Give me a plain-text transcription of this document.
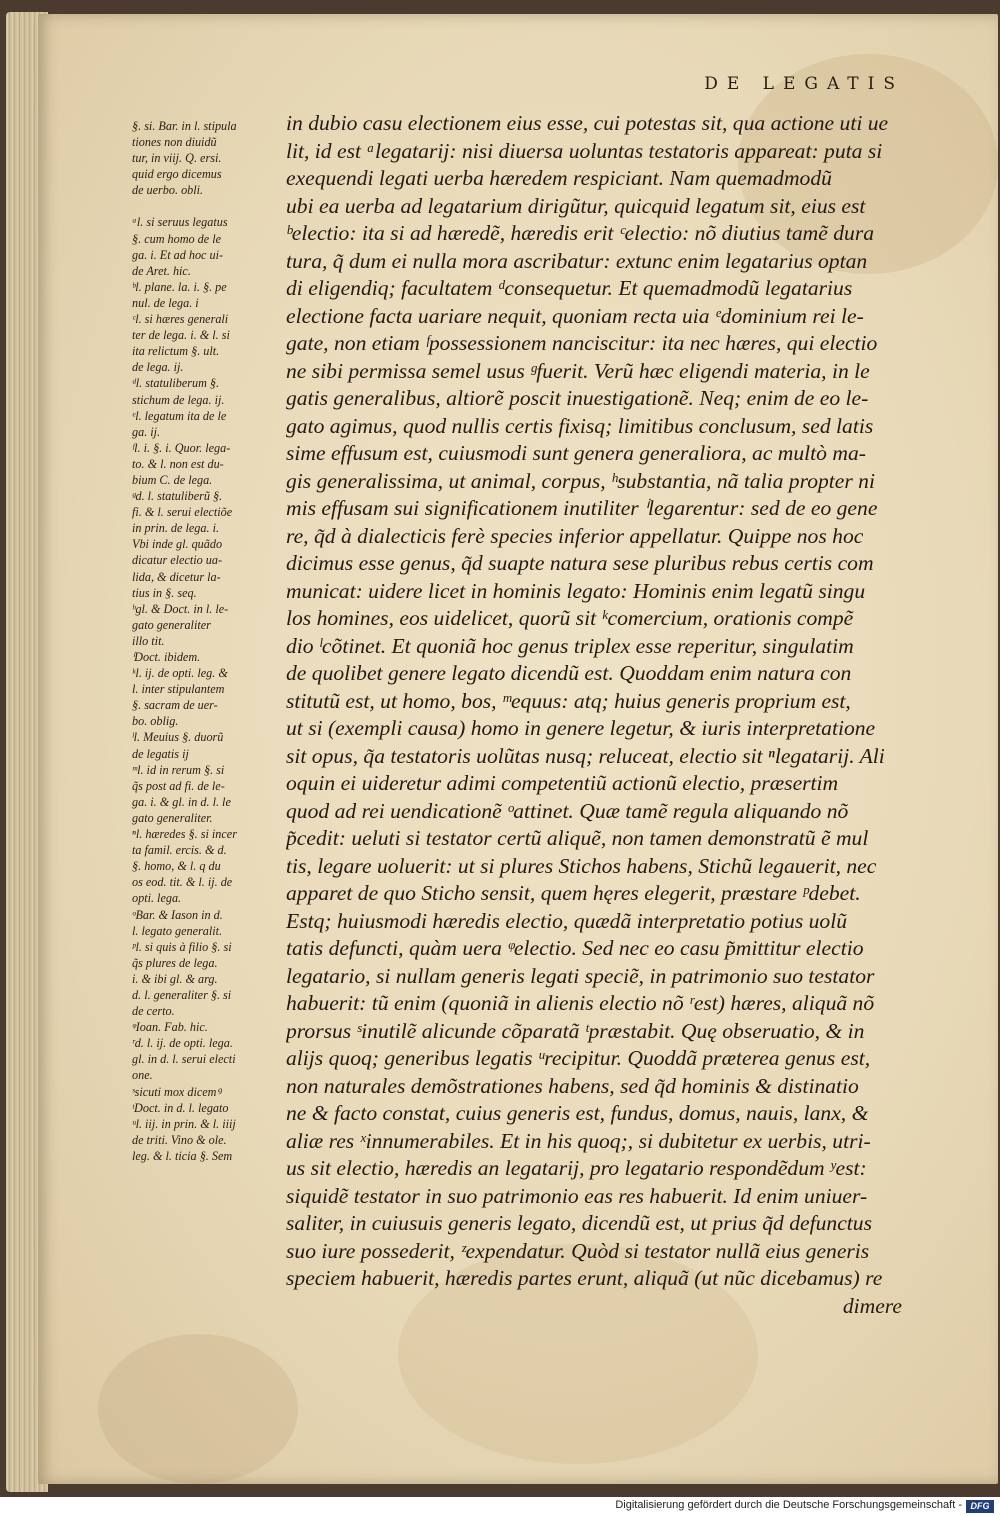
DE LEGATIS
§. si. Bar. in l. stipula
tiones non diuidũ
tur, in viij. Q. ersi.
quid ergo dicemus
de uerbo. obli.
ᵃl. si seruus legatus
§. cum homo de le
ga. i. Et ad hoc ui-
de Aret. hic.
ᵇl. plane. la. i. §. pe
nul. de lega. i
ᶜl. si hæres generali
ter de lega. i. & l. si
ita relictum §. ult.
de lega. ij.
ᵈl. statuliberum §.
stichum de lega. ij.
ᵉl. legatum ita de le
ga. ij.
ᶠl. i. §. i. Quor. lega-
to. & l. non est du-
bium C. de lega.
ᵍd. l. statuliberũ §.
fi. & l. serui electiõe
in prin. de lega. i.
Vbi inde gl. quãdo
dicatur electio ua-
lida, & dicetur la-
tius in §. seq.
ʰgl. & Doct. in l. le-
gato generaliter
illo tit.
ⁱDoct. ibidem.
ᵏl. ij. de opti. leg. &
l. inter stipulantem
§. sacram de uer-
bo. oblig.
ˡl. Meuius §. duorũ
de legatis ij
ᵐl. id in rerum §. si
q̃s post ad fi. de le-
ga. i. & gl. in d. l. le
gato generaliter.
ⁿl. hæredes §. si incer
ta famil. ercis. & d.
§. homo, & l. q du
os eod. tit. & l. ij. de
opti. lega.
ᵒBar. & Iason in d.
l. legato generalit.
ᵖl. si quis à filio §. si
q̃s plures de lega.
i. & ibi gl. & arg.
d. l. generaliter §. si
de certo.
ᵠIoan. Fab. hic.
ʳd. l. ij. de opti. lega.
gl. in d. l. serui electi
one.
ˢsicuti mox dicemꝰ
ᵗDoct. in d. l. legato
ᵘl. iij. in prin. & l. iiij
de triti. Vino & ole.
leg. & l. ticia §. Sem
in dubio casu electionem eius esse, cui potestas sit, qua actione uti ue
lit, id est ᵃlegatarij: nisi diuersa uoluntas testatoris appareat: puta si
exequendi legati uerba hæredem respiciant. Nam quemadmodũ
ubi ea uerba ad legatarium dirigũtur, quicquid legatum sit, eius est
ᵇelectio: ita si ad hæredẽ, hæredis erit ᶜelectio: nõ diutius tamẽ dura
tura, q̃ dum ei nulla mora ascribatur: extunc enim legatarius optan
di eligendiq; facultatem ᵈconsequetur. Et quemadmodũ legatarius
electione facta uariare nequit, quoniam recta uia ᵉdominium rei le-
gate, non etiam ᶠpossessionem nanciscitur: ita nec hæres, qui electio
ne sibi permissa semel usus ᵍfuerit. Verũ hæc eligendi materia, in le
gatis generalibus, altiorẽ poscit inuestigationẽ. Neq; enim de eo le-
gato agimus, quod nullis certis fixisq; limitibus conclusum, sed latis
sime effusum est, cuiusmodi sunt genera generaliora, ac multò ma-
gis generalissima, ut animal, corpus, ʰsubstantia, nã talia propter ni
mis effusam sui significationem inutiliter ⁱlegarentur: sed de eo gene
re, q̃d à dialecticis ferè species inferior appellatur. Quippe nos hoc
dicimus esse genus, q̃d suapte natura sese pluribus rebus certis com
municat: uidere licet in hominis legato: Hominis enim legatũ singu
los homines, eos uidelicet, quorũ sit ᵏcomercium, orationis compẽ
dio ˡcõtinet. Et quoniã hoc genus triplex esse reperitur, singulatim
de quolibet genere legato dicendũ est. Quoddam enim natura con
stitutũ est, ut homo, bos, ᵐequus: atq; huius generis proprium est,
ut si (exempli causa) homo in genere legetur, & iuris interpretatione
sit opus, q̃a testatoris uolũtas nusq; reluceat, electio sit ⁿlegatarij. Ali
oquin ei uideretur adimi competentiũ actionũ electio, præsertim
quod ad rei uendicationẽ ᵒattinet. Quæ tamẽ regula aliquando nõ
p̃cedit: ueluti si testator certũ aliquẽ, non tamen demonstratũ ẽ mul
tis, legare uoluerit: ut si plures Stichos habens, Stichũ legauerit, nec
apparet de quo Sticho sensit, quem hęres elegerit, præstare ᵖdebet.
Estq; huiusmodi hæredis electio, quædã interpretatio potius uolũ
tatis defuncti, quàm uera ᵠelectio. Sed nec eo casu p̃mittitur electio
legatario, si nullam generis legati speciẽ, in patrimonio suo testator
habuerit: tũ enim (quoniã in alienis electio nõ ʳest) hæres, aliquã nõ
prorsus ˢinutilẽ alicunde cõparatã ᵗpræstabit. Quę obseruatio, & in
alijs quoq; generibus legatis ᵘrecipitur. Quoddã præterea genus est,
non naturales demõstrationes habens, sed q̃d hominis & distinatio
ne & facto constat, cuius generis est, fundus, domus, nauis, lanx, &
aliæ res ˣinnumerabiles. Et in his quoq;, si dubitetur ex uerbis, utri-
us sit electio, hæredis an legatarij, pro legatario respondẽdum ʸest:
siquidẽ testator in suo patrimonio eas res habuerit. Id enim uniuer-
saliter, in cuiusuis generis legato, dicendũ est, ut prius q̃d defunctus
suo iure possederit, ᶻexpendatur. Quòd si testator nullã eius generis
speciem habuerit, hæredis partes erunt, aliquã (ut nũc dicebamus) re
dimere
Digitalisierung gefördert durch die Deutsche Forschungsgemeinschaft - DFG
